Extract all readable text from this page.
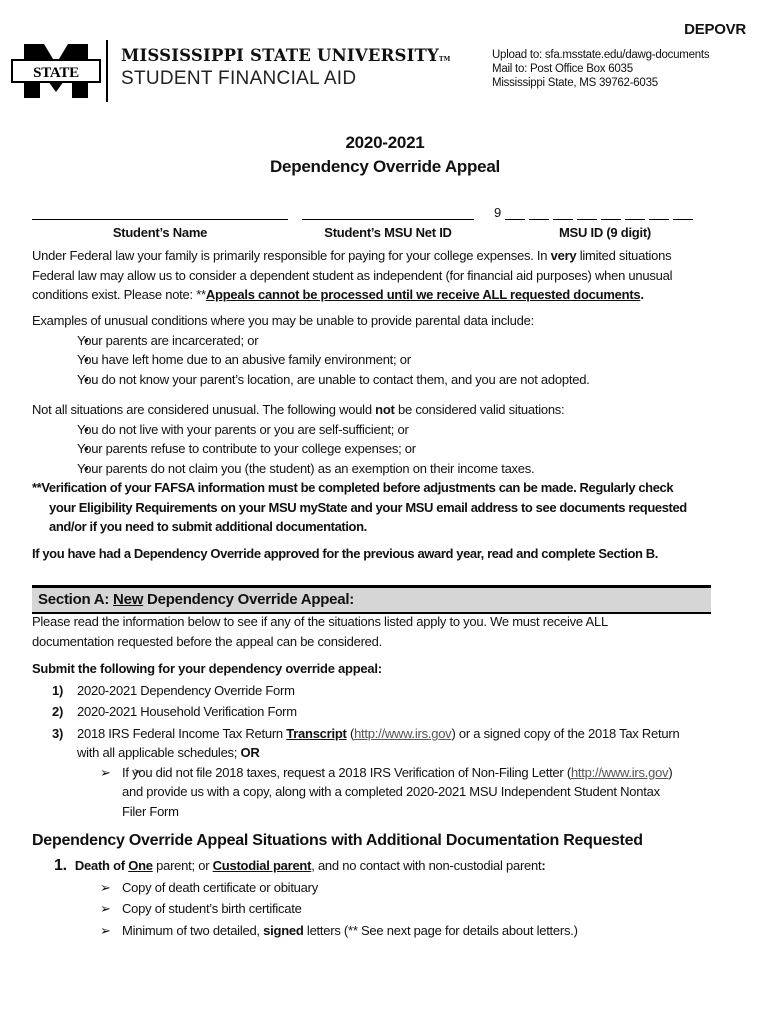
DEPOVR
STATE
MISSISSIPPI STATE UNIVERSITYTM
STUDENT FINANCIAL AID
Upload to: sfa.msstate.edu/dawg-documents
Mail to: Post Office Box 6035
Mississippi State, MS 39762-6035
2020-2021
Dependency Override Appeal
Student’s Name	Student’s MSU Net ID
9
MSU ID (9 digit)
Under Federal law your family is primarily responsible for paying for your college expenses. In very limited situations
Federal law may allow us to consider a dependent student as independent (for financial aid purposes) when unusual
conditions exist. Please note: **Appeals cannot be processed until we receive ALL requested documents.
Examples of unusual conditions where you may be unable to provide parental data include:
• Your parents are incarcerated; or
• You have left home due to an abusive family environment; or
• You do not know your parent’s location, are unable to contact them, and you are not adopted.
Not all situations are considered unusual. The following would not be considered valid situations:
• You do not live with your parents or you are self-sufficient; or
• Your parents refuse to contribute to your college expenses; or
• Your parents do not claim you (the student) as an exemption on their income taxes.
**Verification of your FAFSA information must be completed before adjustments can be made. Regularly check
your Eligibility Requirements on your MSU myState and your MSU email address to see documents requested
and/or if you need to submit additional documentation.
If you have had a Dependency Override approved for the previous award year, read and complete Section B.
Section A: New Dependency Override Appeal:
Please read the information below to see if any of the situations listed apply to you. We must receive ALL
documentation requested before the appeal can be considered.
Submit the following for your dependency override appeal:
1) 2020-2021 Dependency Override Form
2) 2020-2021 Household Verification Form
3) 2018 IRS Federal Income Tax Return Transcript (http://www.irs.gov) or a signed copy of the 2018 Tax Return
with all applicable schedules; OR
➢ ➢ If you did not file 2018 taxes, request a 2018 IRS Verification of Non-Filing Letter (http://www.irs.gov)
and provide us with a copy, along with a completed 2020-2021 MSU Independent Student Nontax
Filer Form
Dependency Override Appeal Situations with Additional Documentation Requested
1. Death of One parent; or Custodial parent, and no contact with non-custodial parent:
➢ Copy of death certificate or obituary
➢ Copy of student’s birth certificate
➢ Minimum of two detailed, signed letters (** See next page for details about letters.)
